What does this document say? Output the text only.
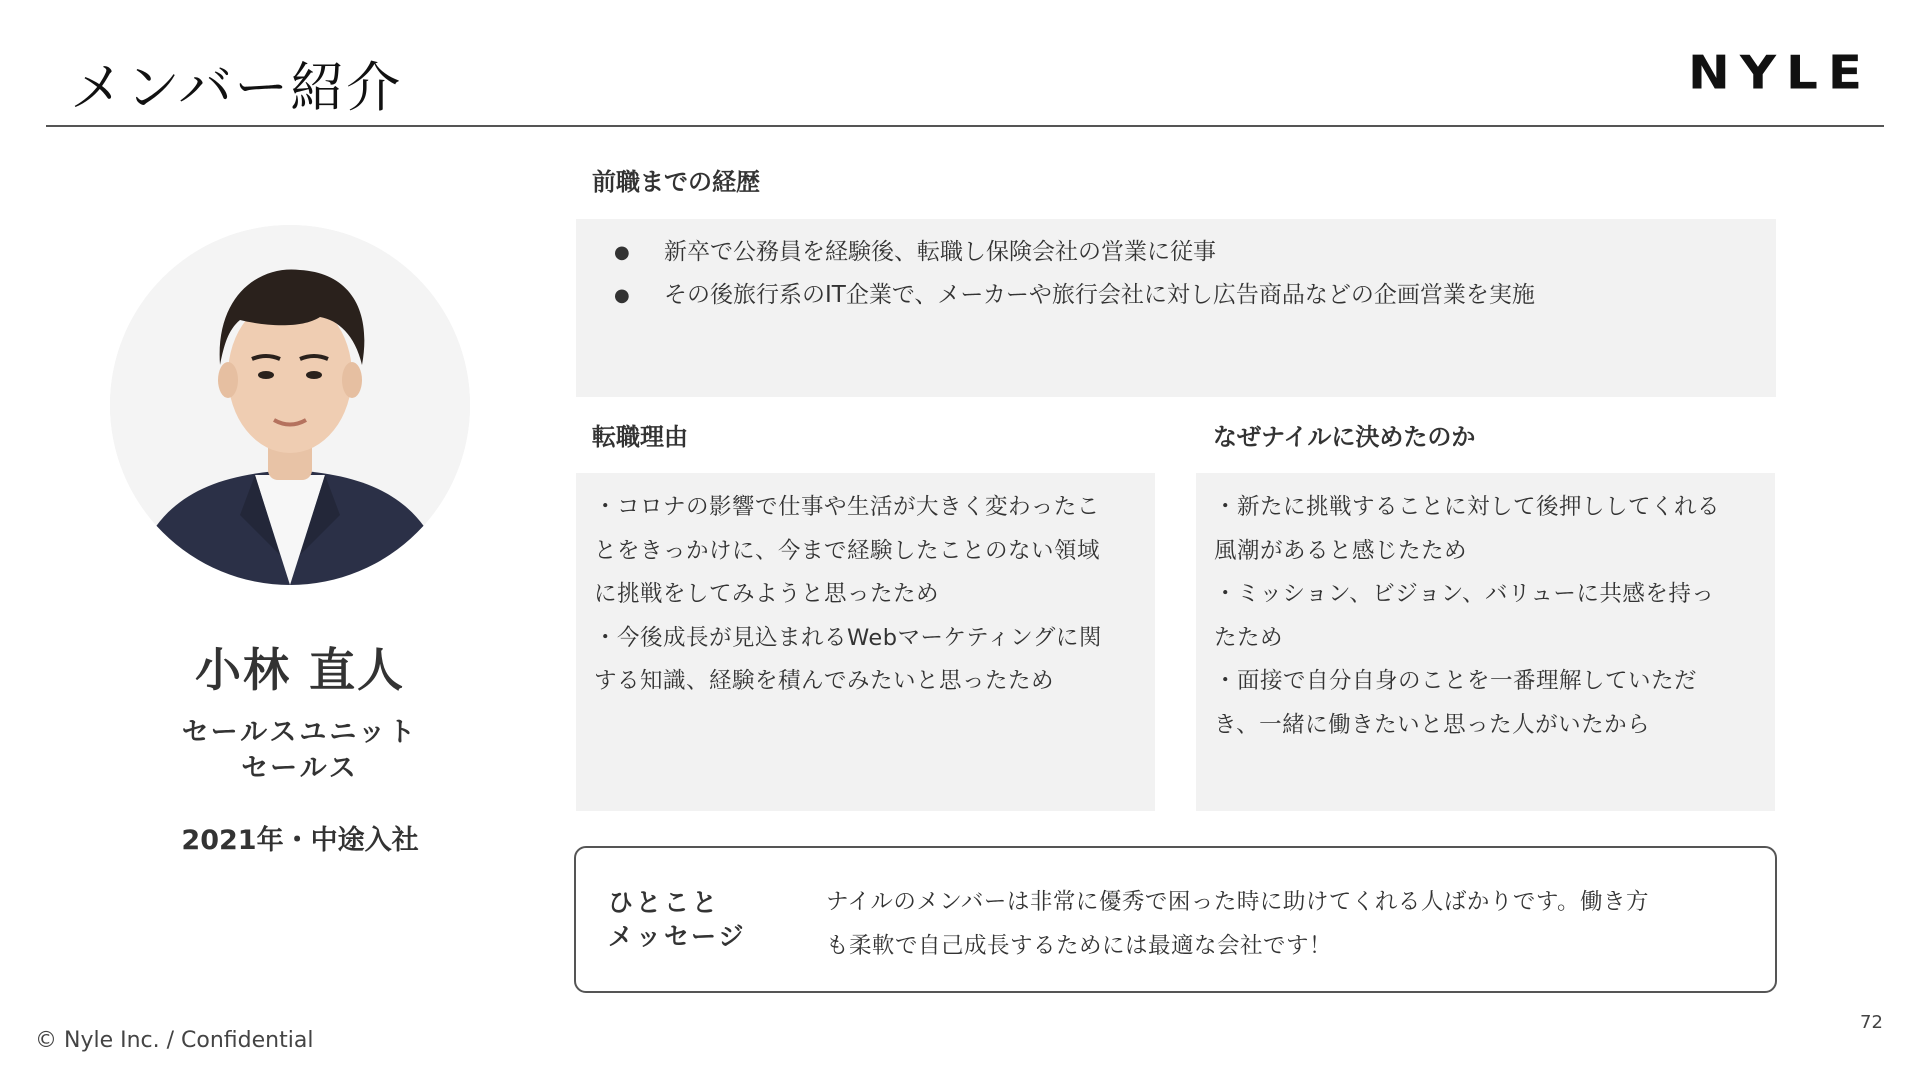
メンバー紹介	NYLE
小林 直人
セールスユニット
セールス
2021年・中途入社
前職までの経歴
●	新卒で公務員を経験後、転職し保険会社の営業に従事
●	その後旅行系のIT企業で、メーカーや旅行会社に対し広告商品などの企画営業を実施
転職理由
・コロナの影響で仕事や生活が大きく変わったこ
とをきっかけに、今まで経験したことのない領域
に挑戦をしてみようと思ったため
・今後成長が見込まれるWebマーケティングに関
する知識、経験を積んでみたいと思ったため
なぜナイルに決めたのか
・新たに挑戦することに対して後押ししてくれる
風潮があると感じたため
・ミッション、ビジョン、バリューに共感を持っ
たため
・面接で自分自身のことを一番理解していただ
き、一緒に働きたいと思った人がいたから
ひとこと
メッセージ
ナイルのメンバーは非常に優秀で困った時に助けてくれる人ばかりです。働き方
も柔軟で自己成長するためには最適な会社です！
© Nyle Inc. / Confidential
72
